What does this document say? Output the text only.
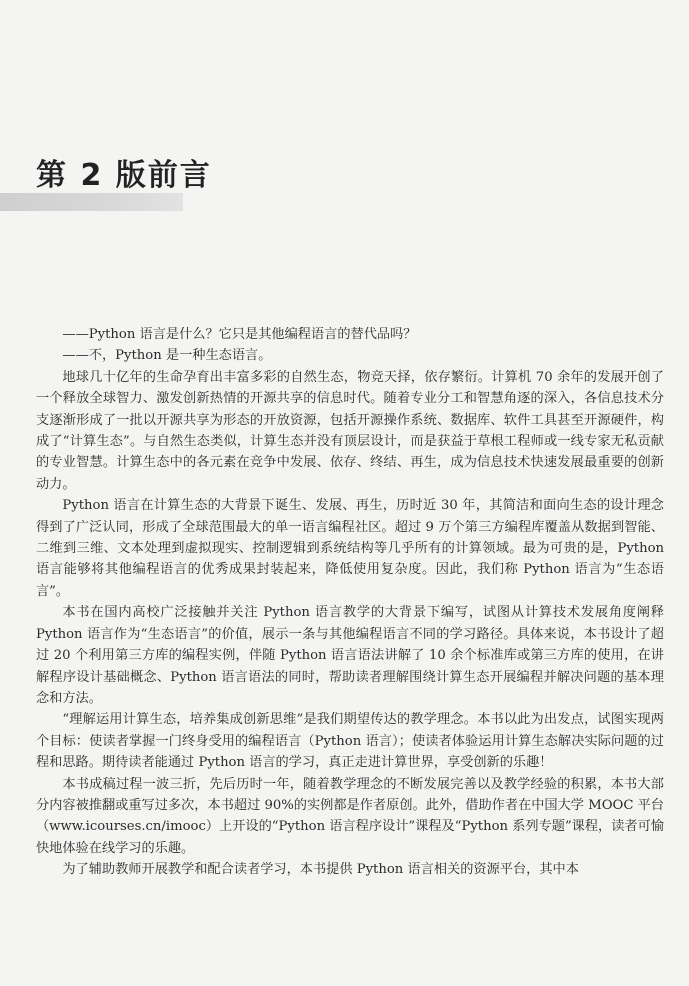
第 2 版前言

——Python 语言是什么？它只是其他编程语言的替代品吗？

——不，Python 是一种生态语言。

地球几十亿年的生命孕育出丰富多彩的自然生态，物竞天择，依存繁衍。计算机 70 余年的发展开创了一个释放全球智力、激发创新热情的开源共享的信息时代。随着专业分工和智慧角逐的深入，各信息技术分支逐渐形成了一批以开源共享为形态的开放资源，包括开源操作系统、数据库、软件工具甚至开源硬件，构成了“计算生态”。与自然生态类似，计算生态并没有顶层设计，而是获益于草根工程师或一线专家无私贡献的专业智慧。计算生态中的各元素在竞争中发展、依存、终结、再生，成为信息技术快速发展最重要的创新动力。

Python 语言在计算生态的大背景下诞生、发展、再生，历时近 30 年，其简洁和面向生态的设计理念得到了广泛认同，形成了全球范围最大的单一语言编程社区。超过 9 万个第三方编程库覆盖从数据到智能、二维到三维、文本处理到虚拟现实、控制逻辑到系统结构等几乎所有的计算领域。最为可贵的是，Python 语言能够将其他编程语言的优秀成果封装起来，降低使用复杂度。因此，我们称 Python 语言为“生态语言”。

本书在国内高校广泛接触并关注 Python 语言教学的大背景下编写，试图从计算技术发展角度阐释 Python 语言作为“生态语言”的价值，展示一条与其他编程语言不同的学习路径。具体来说，本书设计了超过 20 个利用第三方库的编程实例，伴随 Python 语言语法讲解了 10 余个标准库或第三方库的使用，在讲解程序设计基础概念、Python 语言语法的同时，帮助读者理解围绕计算生态开展编程并解决问题的基本理念和方法。

“理解运用计算生态，培养集成创新思维”是我们期望传达的教学理念。本书以此为出发点，试图实现两个目标：使读者掌握一门终身受用的编程语言（Python 语言）；使读者体验运用计算生态解决实际问题的过程和思路。期待读者能通过 Python 语言的学习，真正走进计算世界，享受创新的乐趣！

本书成稿过程一波三折，先后历时一年，随着教学理念的不断发展完善以及教学经验的积累，本书大部分内容被推翻或重写过多次，本书超过 90%的实例都是作者原创。此外，借助作者在中国大学 MOOC 平台（www.icourses.cn/imooc）上开设的“Python 语言程序设计”课程及“Python 系列专题”课程，读者可愉快地体验在线学习的乐趣。

为了辅助教师开展教学和配合读者学习，本书提供 Python 语言相关的资源平台，其中本
